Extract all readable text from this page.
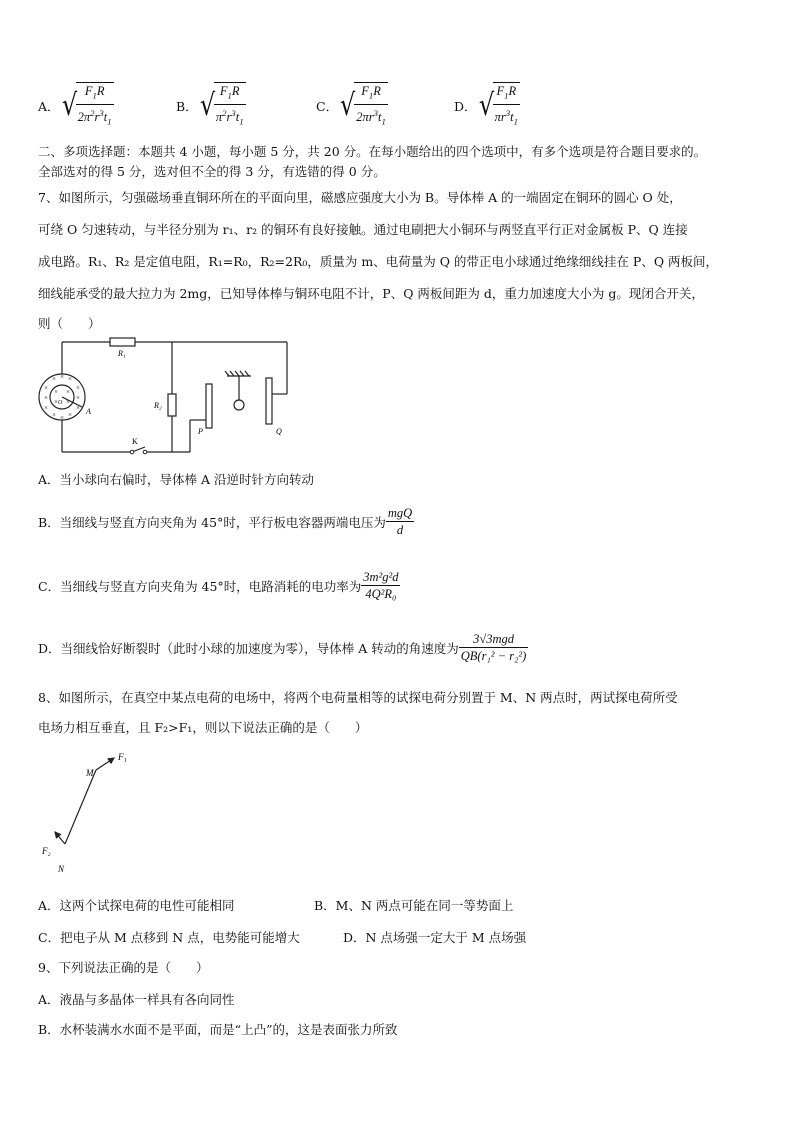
A． √
$\frac{F_1R}{2\pi^2r^3t_1}$	B． √
$\frac{F_1R}{\pi^2r^3t_1}$	C． √
$\frac{F_1R}{2\pi r^3t_1}$	D． √
$\frac{F_1R}{\pi r^3t_1}$
二、多项选择题：本题共 4 小题，每小题 5 分，共 20 分。在每小题给出的四个选项中，有多个选项是符合题目要求的。
全部选对的得 5 分，选对但不全的得 3 分，有选错的得 0 分。
7、如图所示，匀强磁场垂直铜环所在的平面向里，磁感应强度大小为 B。导体棒 A 的一端固定在铜环的圆心 O 处，
可绕 O 匀速转动，与半径分别为 r₁、r₂ 的铜环有良好接触。通过电刷把大小铜环与两竖直平行正对金属板 P、Q 连接
成电路。R₁、R₂ 是定值电阻，R₁=R₀，R₂=2R₀，质量为 m、电荷量为 Q 的带正电小球通过绝缘细线挂在 P、Q 两板间，
细线能承受的最大拉力为 2mg，已知导体棒与铜环电阻不计，P、Q 两板间距为 d，重力加速度大小为 g。现闭合开关，
则（　　）
×
×
×
×
×
×
× × ×
× × ×
× ×
× ×
R₁
R₂
K
P	Q
A
O
A．当小球向右偏时，导体棒 A 沿逆时针方向转动
B．当细线与竖直方向夹角为 45°时，平行板电容器两端电压为 $\frac{\text{mgQ}}{d}$
C．当细线与竖直方向夹角为 45°时，电路消耗的电功率为 $\frac{\text{3m²g²d}}{\text{4Q²R₀}}$
D．当细线恰好断裂时（此时小球的加速度为零），导体棒 A 转动的角速度为 $\frac{\text{3√3mgd}}{\text{QB(r₁² − r₂²)}}$
8、如图所示，在真空中某点电荷的电场中，将两个电荷量相等的试探电荷分别置于 M、N 两点时，两试探电荷所受
电场力相互垂直，且 F₂>F₁，则以下说法正确的是（　　）
F₁
M
F₂
N
A．这两个试探电荷的电性可能相同	B．M、N 两点可能在同一等势面上
C．把电子从 M 点移到 N 点，电势能可能增大	D．N 点场强一定大于 M 点场强
9、下列说法正确的是（　　）
A．液晶与多晶体一样具有各向同性
B．水杯装满水水面不是平面，而是“上凸”的，这是表面张力所致
